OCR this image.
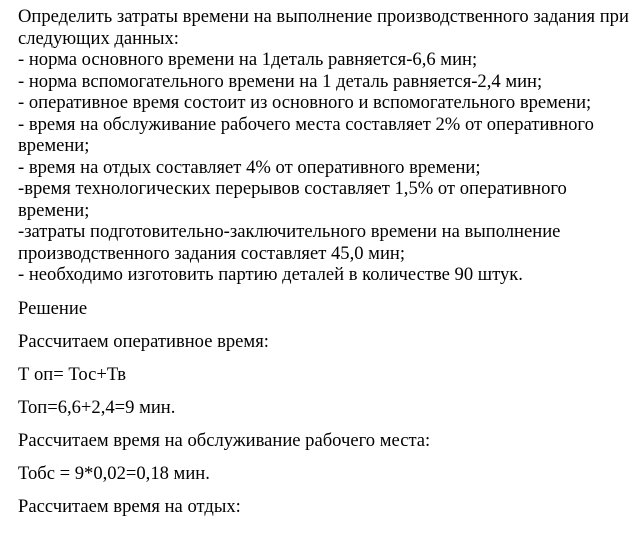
Определить затраты времени на выполнение производственного задания при
следующих данных:
- норма основного времени на 1деталь равняется-6,6 мин;
- норма вспомогательного времени на 1 деталь равняется-2,4 мин;
- оперативное время состоит из основного и вспомогательного времени;
- время на обслуживание рабочего места составляет 2% от оперативного
времени;
- время на отдых составляет 4% от оперативного времени;
-время технологических перерывов составляет 1,5% от оперативного
времени;
-затраты подготовительно-заключительного времени на выполнение
производственного задания составляет 45,0 мин;
- необходимо изготовить партию деталей в количестве 90 штук.
Решение
Рассчитаем оперативное время:
Т оп= Тос+Тв
Топ=6,6+2,4=9 мин.
Рассчитаем время на обслуживание рабочего места:
Тобс = 9*0,02=0,18 мин.
Рассчитаем время на отдых:
